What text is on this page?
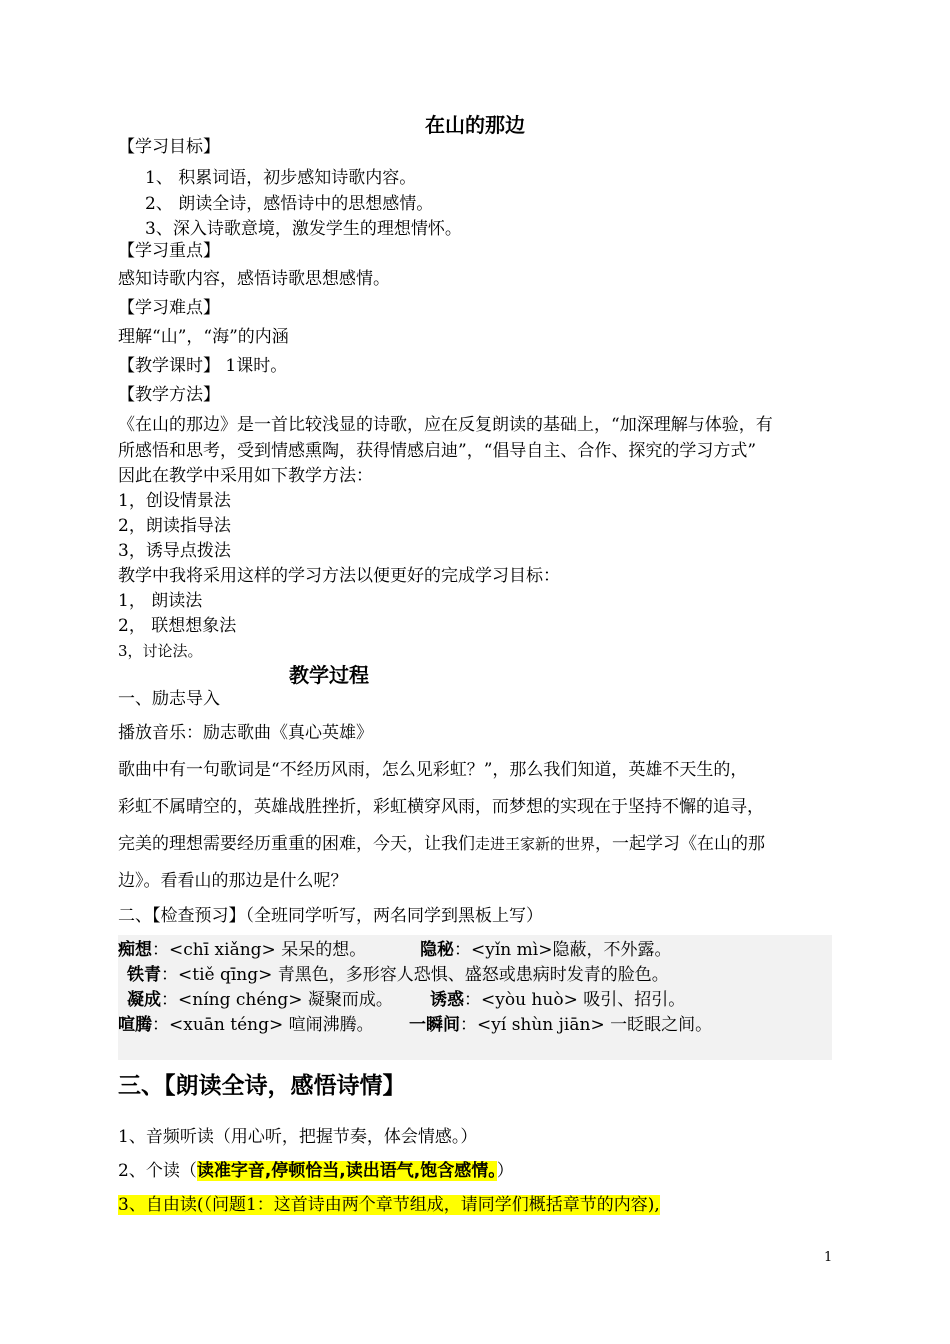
在山的那边
【学习目标】
1、 积累词语，初步感知诗歌内容。
2、 朗读全诗，感悟诗中的思想感情。
3、深入诗歌意境，激发学生的理想情怀。
【学习重点】
感知诗歌内容，感悟诗歌思想感情。
【学习难点】
理解“山”，“海”的内涵
【教学课时】 1课时。
【教学方法】
《在山的那边》是一首比较浅显的诗歌，应在反复朗读的基础上，“加深理解与体验，有
所感悟和思考，受到情感熏陶，获得情感启迪”，“倡导自主、合作、探究的学习方式”
因此在教学中采用如下教学方法：
1，创设情景法
2，朗读指导法
3，诱导点拨法
教学中我将采用这样的学习方法以便更好的完成学习目标：
1， 朗读法
2， 联想想象法
3，讨论法。
教学过程
一、励志导入
播放音乐：励志歌曲《真心英雄》
歌曲中有一句歌词是“不经历风雨，怎么见彩虹？”，那么我们知道，英雄不天生的，
彩虹不属晴空的，英雄战胜挫折，彩虹横穿风雨，而梦想的实现在于坚持不懈的追寻，
完美的理想需要经历重重的困难，今天，让我们走进王家新的世界，一起学习《在山的那
边》。看看山的那边是什么呢？
二、【检查预习】（全班同学听写，两名同学到黑板上写）
痴想：<chī xiǎng> 呆呆的想。	隐秘：<yǐn mì>隐蔽，不外露。
铁青：<tiě qīng> 青黑色，多形容人恐惧、盛怒或患病时发青的脸色。
凝成：<níng chéng> 凝聚而成。 诱惑：<yòu huò> 吸引、招引。
喧腾：<xuān téng> 喧闹沸腾。 一瞬间：<yí shùn jiān> 一眨眼之间。
三、【朗读全诗，感悟诗情】
1、音频听读（用心听，把握节奏，体会情感。）
2、个读（读准字音,停顿恰当,读出语气,饱含感情。）
3、自由读(（问题1：这首诗由两个章节组成，请同学们概括章节的内容),
1
